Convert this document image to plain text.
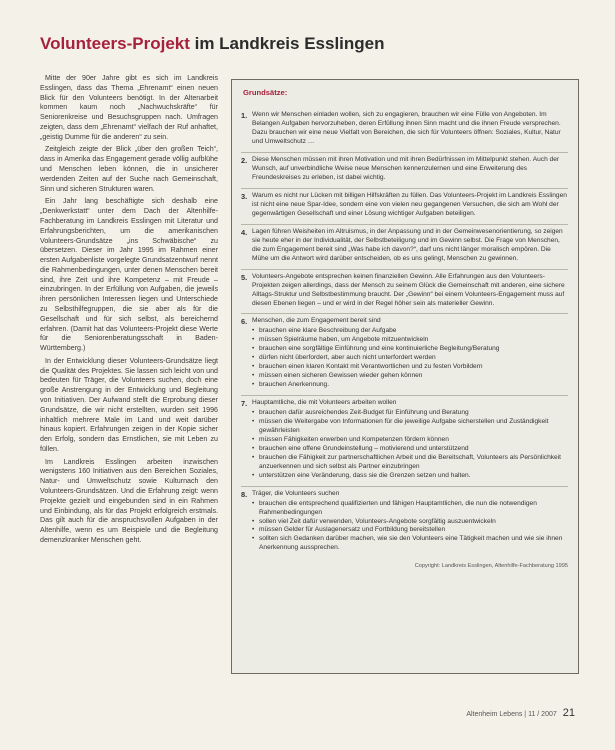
Volunteers-Projekt im Landkreis Esslingen

Mitte der 90er Jahre gibt es sich im Landkreis Esslingen, dass das Thema „Ehrenamt“ einen neuen Blick für den Volunteers benötigt. In der Altenarbeit kommen kaum noch „Nachwuchskräfte“ für Seniorenkreise und Besuchsgruppen nach. Umfragen zeigten, dass dem „Ehrenamt“ vielfach der Ruf anhaftet, „geistig Dumme für die anderen“ zu sein.

Zeitgleich zeigte der Blick „über den großen Teich“, dass in Amerika das Engagement gerade völlig aufblühe und Menschen leben können, die in unsicherer werdenden Zeiten auf der Suche nach Gemeinschaft, Sinn und sicheren Strukturen waren.

Ein Jahr lang beschäftigte sich deshalb eine „Denkwerkstatt“ unter dem Dach der Altenhilfe-Fachberatung im Landkreis Esslingen mit Literatur und Erfahrungsberichten, um die amerikanischen Volunteers-Grundsätze „ins Schwäbische“ zu übersetzen. Dieser im Jahr 1995 im Rahmen einer ersten Aufgabenliste vorgelegte Grundsatzentwurf nennt die Rahmenbedingungen, unter denen Menschen bereit sind, ihre Zeit und ihre Kompetenz – mit Freude – einzubringen. In der Erfüllung von Aufgaben, die jeweils ihren persönlichen Interessen liegen und Unterschiede zu Selbsthilfegruppen, die sie aber als für die Gesellschaft und für sich selbst, als bereichernd erfahren. (Damit hat das Volunteers-Projekt diese Werte für die Seniorenberatungsschaft in Baden-Württemberg.)

In der Entwicklung dieser Volunteers-Grundsätze liegt die Qualität des Projektes. Sie lassen sich leicht von und bedeuten für Träger, die Volunteers suchen, doch eine große Anstrengung in der Entwicklung und Begleitung von Initiativen. Der Aufwand stellt die Erprobung dieser Grundsätze, die wir nicht erstellten, wurden seit 1996 inhaltlich mehrere Male im Land und weit darüber hinaus kopiert. Erfahrungen zeigen in der Kopie sicher den Erfolg, sondern das Ernstlichen, sie mit Leben zu füllen.

Im Landkreis Esslingen arbeiten inzwischen wenigstens 160 Initiativen aus den Bereichen Soziales, Natur- und Umweltschutz sowie Kulturnach den Volunteers-Grundsätzen. Und die Erfahrung zeigt: wenn Projekte gezielt und eingebunden sind in ein Rahmen und Einbindung, als für das Projekt erfolgreich erstmals. Das gilt auch für die anspruchsvollen Aufgaben in der Altenhilfe, wenn es um Beispiele und die Begleitung demenzkranker Menschen geht.

Grundsätze:
1. Wenn wir Menschen einladen wollen, sich zu engagieren, brauchen wir eine Fülle von Angeboten. Im Belangen Aufgaben hervorzuheben, deren Erfüllung ihnen Sinn macht und die ihnen Freude versprechen. Dazu brauchen wir eine neue Vielfalt von Bereichen, die sich für Volunteers öffnen: Soziales, Kultur, Natur und Umweltschutz …

2. Diese Menschen müssen mit ihren Motivation und mit ihren Bedürfnissen im Mittelpunkt stehen. Auch der Wunsch, auf unverbindliche Weise neue Menschen kennenzulernen und eine Erweiterung des Freundeskreises zu erleben, ist dabei wichtig.

3. Warum es nicht nur Lücken mit billigen Hilfskräften zu füllen. Das Volunteers-Projekt im Landkreis Esslingen ist nicht eine neue Spar-Idee, sondern eine von vielen neu gegangenen Versuchen, die sich am Wohl der gegenwärtigen Gesellschaft und einer Lösung wichtiger Aufgaben beteiligen.

4. Lagen führen Weisheiten im Altruismus, in der Anpassung und in der Gemeinwesenorientierung, so zeigen sie heute eher in der Individualität, der Selbstbeteiligung und im Gewinn selbst. Die Frage von Menschen, die zum Engagement bereit sind „Was habe ich davon?“, darf uns nicht länger moralisch empören. Die Mühe um die Antwort wird darüber entscheiden, ob es uns gelingt, Menschen zu gewinnen.

5. Volunteers-Angebote entsprechen keinen finanziellen Gewinn. Alle Erfahrungen aus den Volunteers-Projekten zeigen allerdings, dass der Mensch zu seinem Glück die Gemeinschaft mit anderen, eine sichere Alltags-Struktur und Selbstbestimmung braucht. Der „Gewinn“ bei einem Volunteers-Engagement muss auf diesen Ebenen liegen – und er wird in der Regel höher sein als materieller Gewinn.

6. Menschen, die zum Engagement bereit sind

• brauchen eine klare Beschreibung der Aufgabe
• müssen Spielräume haben, um Angebote mitzuentwickeln
• brauchen eine sorgfältige Einführung und eine kontinuierliche Begleitung/Beratung
• dürfen nicht überfordert, aber auch nicht unterfordert werden
• brauchen einen klaren Kontakt mit Verantwortlichen und zu festen Vorbildern
• müssen einen sicheren Gewissen wieder gehen können
• brauchen Anerkennung.
7. Hauptamtliche, die mit Volunteers arbeiten wollen

• brauchen dafür ausreichendes Zeit-Budget für Einführung und Beratung
• müssen die Weitergabe von Informationen für die jeweilige Aufgabe sicherstellen und Zuständigkeit gewährleisten
• müssen Fähigkeiten erwerben und Kompetenzen fördern können
• brauchen eine offene Grundeinstellung – motivierend und unterstützend
• brauchen die Fähigkeit zur partnerschaftlichen Arbeit und die Bereitschaft, Volunteers als Persönlichkeit anzuerkennen und sich selbst als Partner einzubringen
• unterstützen eine Veränderung, dass sie die Grenzen setzen und halten.
8. Träger, die Volunteers suchen

• brauchen die entsprechend qualifizierten und fähigen Hauptamtlichen, die nun die notwendigen Rahmenbedingungen
• sollen viel Zeit dafür verwenden, Volunteers-Angebote sorgfältig auszuentwickeln
• müssen Gelder für Auslagenersatz und Fortbildung bereitstellen
• sollten sich Gedanken darüber machen, wie sie den Volunteers eine Tätigkeit machen und wie sie ihnen Anerkennung aussprechen.
Copyright: Landkreis Esslingen, Altenhilfe-Fachberatung 1995
Altenheim Lebens | 11 / 2007 21
